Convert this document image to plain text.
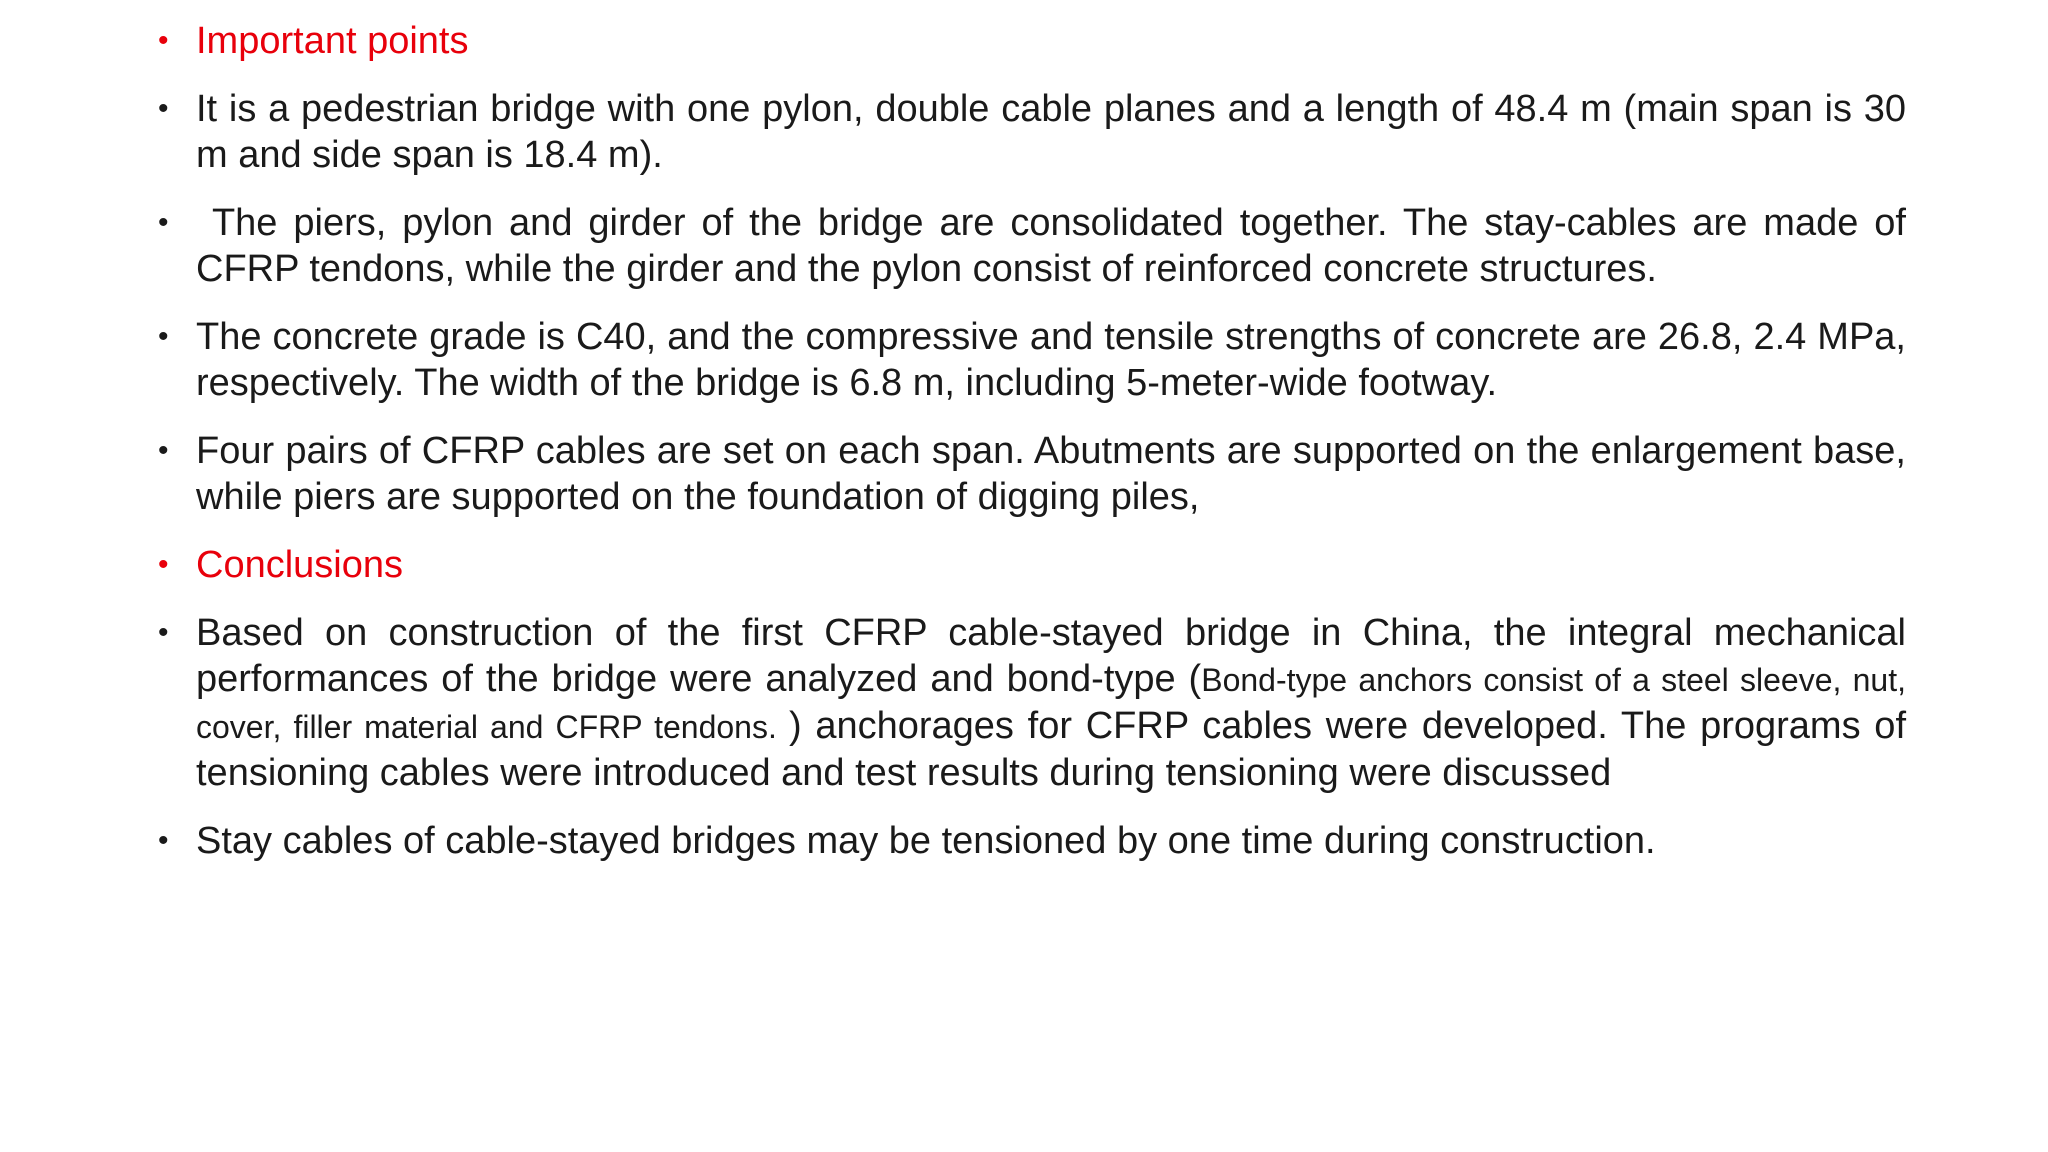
• Important points
• It is a pedestrian bridge with one pylon, double cable planes and a length of 48.4 m (main span is 30 m and side span is 18.4 m).
• The piers, pylon and girder of the bridge are consolidated together. The stay-cables are made of CFRP tendons, while the girder and the pylon consist of reinforced concrete structures.
• The concrete grade is C40, and the compressive and tensile strengths of concrete are 26.8, 2.4 MPa, respectively. The width of the bridge is 6.8 m, including 5-meter-wide footway.
• Four pairs of CFRP cables are set on each span. Abutments are supported on the enlargement base, while piers are supported on the foundation of digging piles,
• Conclusions
• Based on construction of the first CFRP cable-stayed bridge in China, the integral mechanical performances of the bridge were analyzed and bond-type (Bond-type anchors consist of a steel sleeve, nut, cover, filler material and CFRP tendons. ) anchorages for CFRP cables were developed. The programs of tensioning cables were introduced and test results during tensioning were discussed
• Stay cables of cable-stayed bridges may be tensioned by one time during construction.
